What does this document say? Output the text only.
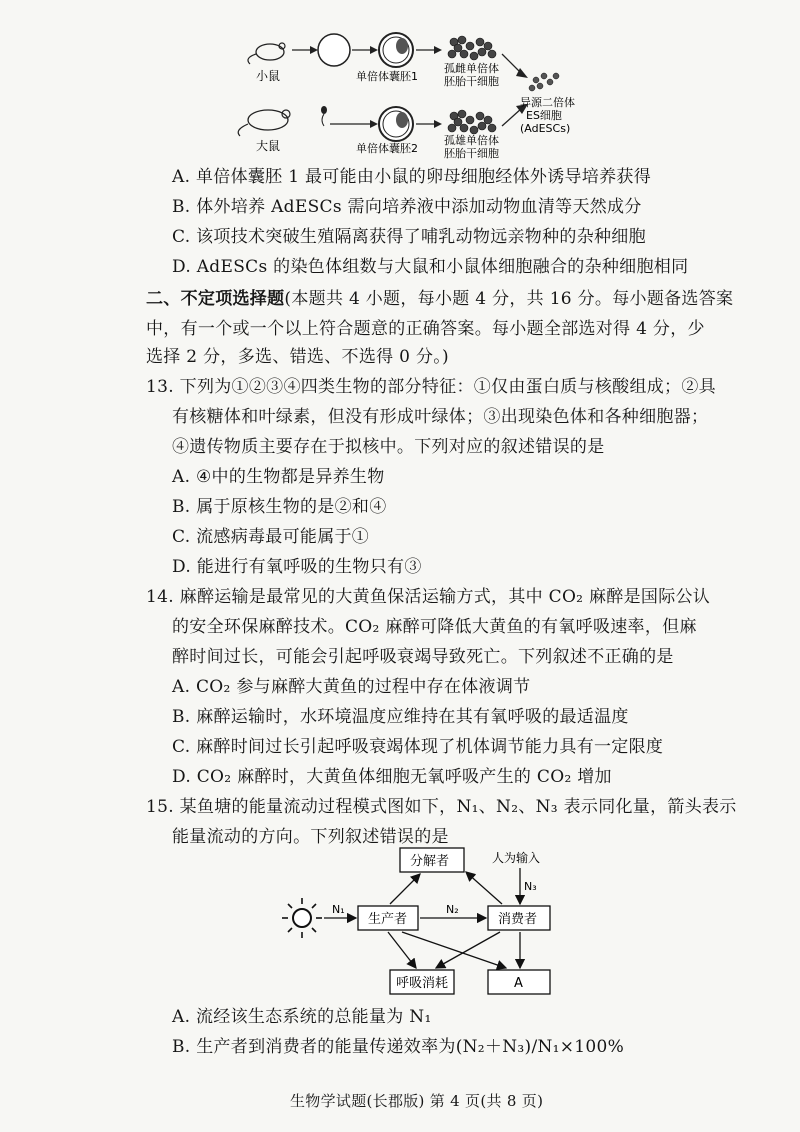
小鼠	单倍体囊胚1
孤雌单倍体
胚胎干细胞
异源二倍体
ES细胞
(AdESCs)
大鼠	单倍体囊胚2
孤雄单倍体
胚胎干细胞
A. 单倍体囊胚 1 最可能由小鼠的卵母细胞经体外诱导培养获得
B. 体外培养 AdESCs 需向培养液中添加动物血清等天然成分
C. 该项技术突破生殖隔离获得了哺乳动物远亲物种的杂种细胞
D. AdESCs 的染色体组数与大鼠和小鼠体细胞融合的杂种细胞相同
二、不定项选择题(本题共 4 小题，每小题 4 分，共 16 分。每小题备选答案
中，有一个或一个以上符合题意的正确答案。每小题全部选对得 4 分，少
选择 2 分，多选、错选、不选得 0 分。)
13. 下列为①②③④四类生物的部分特征：①仅由蛋白质与核酸组成；②具
有核糖体和叶绿素，但没有形成叶绿体；③出现染色体和各种细胞器；
④遗传物质主要存在于拟核中。下列对应的叙述错误的是
A. ④中的生物都是异养生物
B. 属于原核生物的是②和④
C. 流感病毒最可能属于①
D. 能进行有氧呼吸的生物只有③
14. 麻醉运输是最常见的大黄鱼保活运输方式，其中 CO₂ 麻醉是国际公认
的安全环保麻醉技术。CO₂ 麻醉可降低大黄鱼的有氧呼吸速率，但麻
醉时间过长，可能会引起呼吸衰竭导致死亡。下列叙述不正确的是
A. CO₂ 参与麻醉大黄鱼的过程中存在体液调节
B. 麻醉运输时，水环境温度应维持在其有氧呼吸的最适温度
C. 麻醉时间过长引起呼吸衰竭体现了机体调节能力具有一定限度
D. CO₂ 麻醉时，大黄鱼体细胞无氧呼吸产生的 CO₂ 增加
15. 某鱼塘的能量流动过程模式图如下，N₁、N₂、N₃ 表示同化量，箭头表示
能量流动的方向。下列叙述错误的是
分解者	人为输入
生产者	消费者
呼吸消耗	A
N₁	N₂
N₃
A. 流经该生态系统的总能量为 N₁
B. 生产者到消费者的能量传递效率为(N₂＋N₃)/N₁×100%
生物学试题(长郡版) 第 4 页(共 8 页)
